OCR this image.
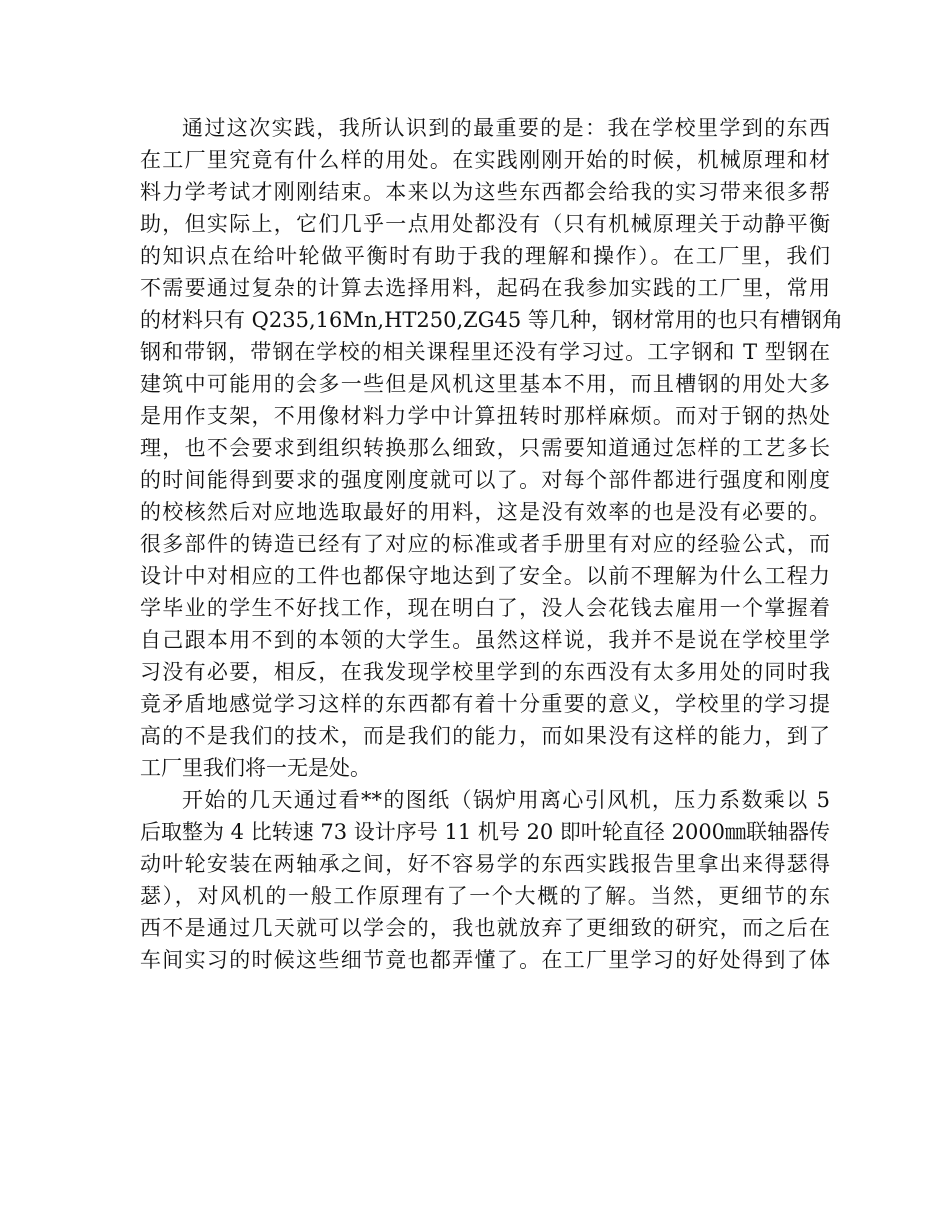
通过这次实践，我所认识到的最重要的是：我在学校里学到的东西
在工厂里究竟有什么样的用处。在实践刚刚开始的时候，机械原理和材
料力学考试才刚刚结束。本来以为这些东西都会给我的实习带来很多帮
助，但实际上，它们几乎一点用处都没有（只有机械原理关于动静平衡
的知识点在给叶轮做平衡时有助于我的理解和操作）。在工厂里，我们
不需要通过复杂的计算去选择用料，起码在我参加实践的工厂里，常用
的材料只有 Q235,16Mn,HT250,ZG45 等几种，钢材常用的也只有槽钢角
钢和带钢，带钢在学校的相关课程里还没有学习过。工字钢和 T 型钢在
建筑中可能用的会多一些但是风机这里基本不用，而且槽钢的用处大多
是用作支架，不用像材料力学中计算扭转时那样麻烦。而对于钢的热处
理，也不会要求到组织转换那么细致，只需要知道通过怎样的工艺多长
的时间能得到要求的强度刚度就可以了。对每个部件都进行强度和刚度
的校核然后对应地选取最好的用料，这是没有效率的也是没有必要的。
很多部件的铸造已经有了对应的标准或者手册里有对应的经验公式，而
设计中对相应的工件也都保守地达到了安全。以前不理解为什么工程力
学毕业的学生不好找工作，现在明白了，没人会花钱去雇用一个掌握着
自己跟本用不到的本领的大学生。虽然这样说，我并不是说在学校里学
习没有必要，相反，在我发现学校里学到的东西没有太多用处的同时我
竟矛盾地感觉学习这样的东西都有着十分重要的意义，学校里的学习提
高的不是我们的技术，而是我们的能力，而如果没有这样的能力，到了
工厂里我们将一无是处。
开始的几天通过看**的图纸（锅炉用离心引风机，压力系数乘以 5
后取整为 4 比转速 73 设计序号 11 机号 20 即叶轮直径 2000㎜联轴器传
动叶轮安装在两轴承之间，好不容易学的东西实践报告里拿出来得瑟得
瑟），对风机的一般工作原理有了一个大概的了解。当然，更细节的东
西不是通过几天就可以学会的，我也就放弃了更细致的研究，而之后在
车间实习的时候这些细节竟也都弄懂了。在工厂里学习的好处得到了体
